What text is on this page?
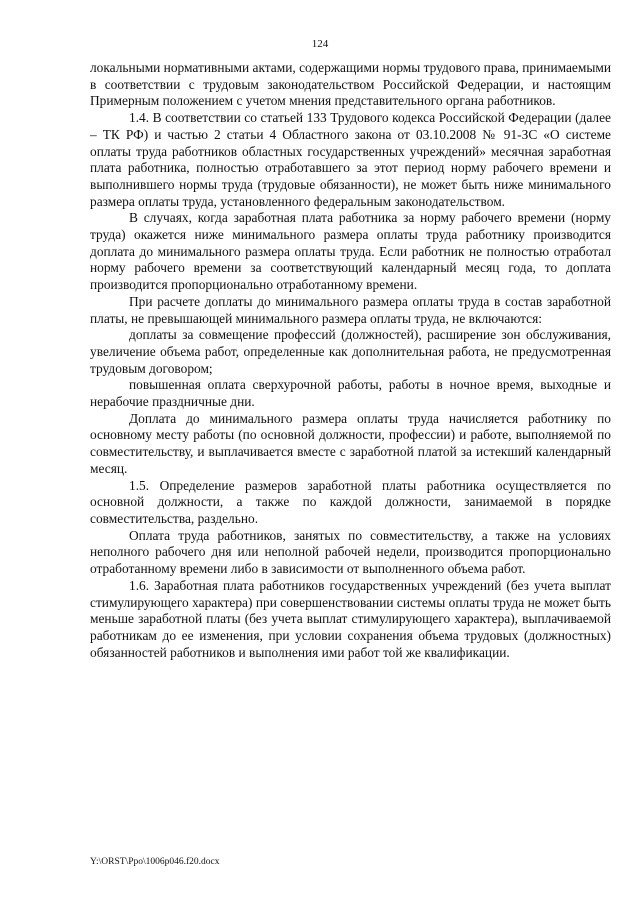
124

локальными нормативными актами, содержащими нормы трудового права, принимаемыми в соответствии с трудовым законодательством Российской Федерации, и настоящим Примерным положением с учетом мнения представительного органа работников.

1.4. В соответствии со статьей 133 Трудового кодекса Российской Федерации (далее – ТК РФ) и частью 2 статьи 4 Областного закона от 03.10.2008 № 91-ЗС «О системе оплаты труда работников областных государственных учреждений» месячная заработная плата работника, полностью отработавшего за этот период норму рабочего времени и выполнившего нормы труда (трудовые обязанности), не может быть ниже минимального размера оплаты труда, установленного федеральным законодательством.

В случаях, когда заработная плата работника за норму рабочего времени (норму труда) окажется ниже минимального размера оплаты труда работнику производится доплата до минимального размера оплаты труда. Если работник не полностью отработал норму рабочего времени за соответствующий календарный месяц года, то доплата производится пропорционально отработанному времени.

При расчете доплаты до минимального размера оплаты труда в состав заработной платы, не превышающей минимального размера оплаты труда, не включаются:

доплаты за совмещение профессий (должностей), расширение зон обслуживания, увеличение объема работ, определенные как дополнительная работа, не предусмотренная трудовым договором;

повышенная оплата сверхурочной работы, работы в ночное время, выходные и нерабочие праздничные дни.

Доплата до минимального размера оплаты труда начисляется работнику по основному месту работы (по основной должности, профессии) и работе, выполняемой по совместительству, и выплачивается вместе с заработной платой за истекший календарный месяц.

1.5. Определение размеров заработной платы работника осуществляется по основной должности, а также по каждой должности, занимаемой в порядке совместительства, раздельно.

Оплата труда работников, занятых по совместительству, а также на условиях неполного рабочего дня или неполной рабочей недели, производится пропорционально отработанному времени либо в зависимости от выполненного объема работ.

1.6. Заработная плата работников государственных учреждений (без учета выплат стимулирующего характера) при совершенствовании системы оплаты труда не может быть меньше заработной платы (без учета выплат стимулирующего характера), выплачиваемой работникам до ее изменения, при условии сохранения объема трудовых (должностных) обязанностей работников и выполнения ими работ той же квалификации.

Y:\ORST\Ppo\1006p046.f20.docx
